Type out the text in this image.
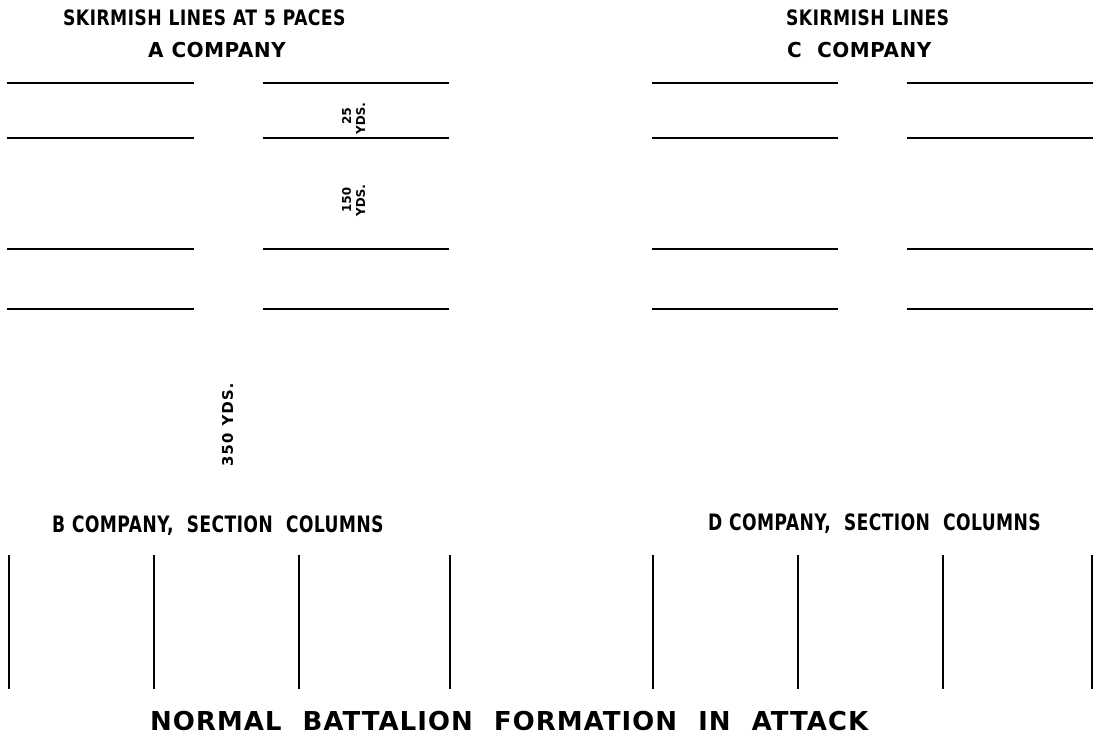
SKIRMISH LINES AT 5 PACES
A COMPANY
SKIRMISH LINES
C  COMPANY
25 YDS.
150 YDS.
350 YDS.
B COMPANY,  SECTION  COLUMNS	D COMPANY,  SECTION  COLUMNS
NORMAL  BATTALION  FORMATION  IN  ATTACK
